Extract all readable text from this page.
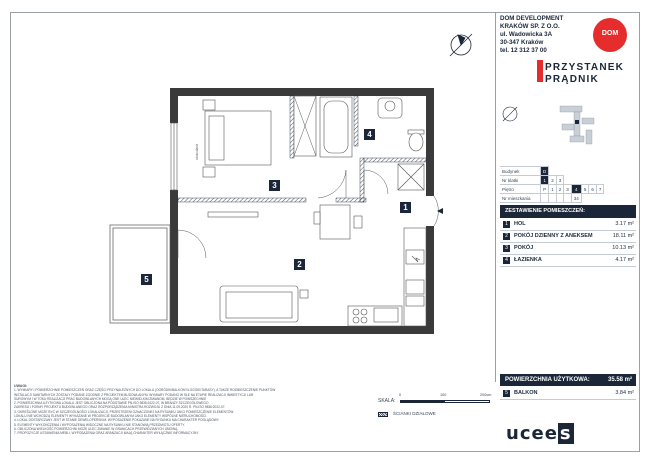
okno dach
4
3
1
2
5
DOM DEVELOPMENT
KRAKÓW SP. Z O.O.
ul. Wadowicka 3A
30-347 Kraków
tel. 12 312 37 00
DOM
PRZYSTANEK
PRĄDNIK
Budynek	D							
Nr klatki	1	2	3					
Piętro	P	1	2	3	4	5	6	7
Nr mieszkania					34			
ZESTAWIENIE POMIESZCZEŃ:
1	HOL	3.17 m²
2	POKÓJ DZIENNY Z ANEKSEM	18.11 m²
3	POKÓJ	10.13 m²
4	ŁAZIENKA	4.17 m²
POWIERZCHNIA UŻYTKOWA:	35.58 m²
5	BALKON	3.84 m²
UWAGI:
1. WYMIARY I POWIERZCHNIE POMIESZCZEŃ ORAZ CZĘŚCI PRZYNALEŻNYCH DO LOKALU (OGRÓDKI/BALKONY/LOGGIE/TARASY), A TAKŻE ROZMIESZCZENIE PUNKTÓW
INSTALACJI SANITARNYCH ZOSTAŁY PODANE ZGODNIE Z PROJEKTEM BUDOWLANYM. WYMIARY PODANO W SŁE NA ETAPIE REALIZACJI INWESTYCJI LUB
SUROWYM I W TOKU REALIZACJI PRAC BUDOWLANYCH MOGĄ ONE ULEC NIEWIELKIM ZMIANOM, BĘDZIE W POWSZECHNIE
2. POWIERZCHNIA UŻYTKOWA LOKALU JEST OBLICZONA NA PODSTAWIE PN-ISO 9836:2022-07, W BRANŻY SZCZEGÓŁOWEGO
ZAKRESU I FORMY PROJEKTU BUDOWLANEGO ORAZ ROZPORZĄDZENIA MINISTRA ROZWOJU Z DNIA 11.09.2020 R. PN-ISO 9836:2022-07.
3. OKREŚLONE MOŻE BYĆ W SZCZEGÓLNOŚCI LOKALIZACJI, PRZESTRZENI OZNACZONEJ NA RYSUNKU JAKO POMIESZCZENIE ELEMENTÓW
LOKALU NIE WCHODZĄ ELEMENTY WYKAZANE W PROJEKCIE BUDOWLANYM JAKO ELEMENTY WSPÓLNE NIERUCHOMOŚCI.
4. LOKAL DOSTARCZANY JEST W STANIE DEWELOPERSKIM. WYPOSAŻENIE POKAZANE NA RYSUNKU MA CHARAKTER POGLĄDOWY.
5. ELEMENTY WYKOŃCZENIA I WYPOSAŻENIA WIDOCZNE NA RYSUNKU NIE STANOWIĄ PRZEDMIOTU OFERTY.
6. OBLICZONA WIELKOŚĆ POWIERZCHNI MOŻE ULEC ZMIANIE W GRANICACH PRZEWIDZIANYCH UMOWĄ.
7. PROPOZYCJE USTAWIENIA MEBLI, WYPOSAŻENIA ORAZ ARANŻACJI MAJĄ CHARAKTER WYŁĄCZNIE INFORMACYJNY.
SKALA:
0	100	200cm
ŚCIANKI DZIAŁOWE
ucee s
